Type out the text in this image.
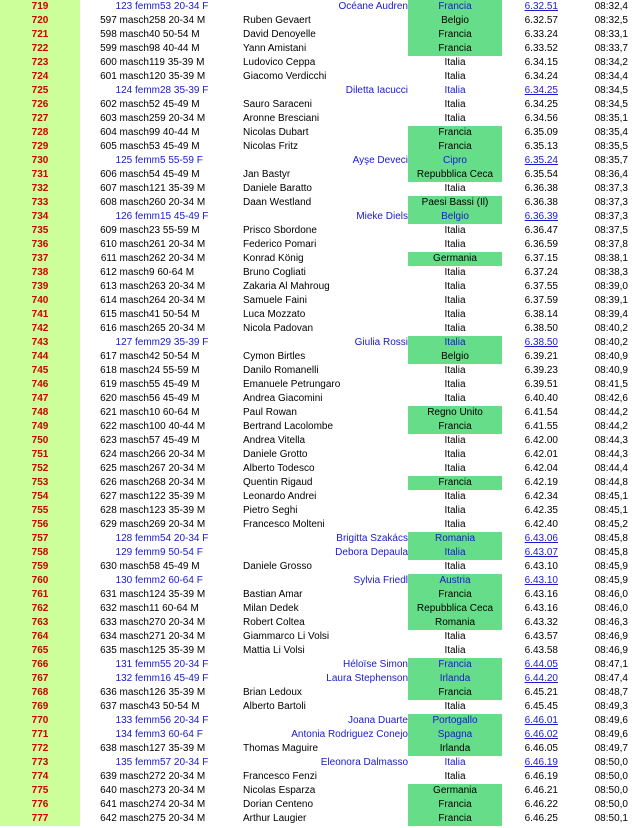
719	123 femm 53 20-34 F	Océane Audren	Francia	6.32.51	08:32,4
720	597 masch 258 20-34 M	Ruben Gevaert	Belgio	6.32.57	08:32,5
721	598 masch 40 50-54 M	David Denoyelle	Francia	6.33.24	08:33,1
722	599 masch 98 40-44 M	Yann Amistani	Francia	6.33.52	08:33,7
723	600 masch 119 35-39 M	Ludovico Ceppa	Italia	6.34.15	08:34,2
724	601 masch 120 35-39 M	Giacomo Verdicchi	Italia	6.34.24	08:34,4
725	124 femm 28 35-39 F	Diletta Iacucci	Italia	6.34.25	08:34,5
726	602 masch 52 45-49 M	Sauro Saraceni	Italia	6.34.25	08:34,5
727	603 masch 259 20-34 M	Aronne Bresciani	Italia	6.34.56	08:35,1
728	604 masch 99 40-44 M	Nicolas Dubart	Francia	6.35.09	08:35,4
729	605 masch 53 45-49 M	Nicolas Fritz	Francia	6.35.13	08:35,5
730	125 femm 5 55-59 F	Ayşe Deveci	Cipro	6.35.24	08:35,7
731	606 masch 54 45-49 M	Jan Bastyr	Repubblica Ceca	6.35.54	08:36,4
732	607 masch 121 35-39 M	Daniele Baratto	Italia	6.36.38	08:37,3
733	608 masch 260 20-34 M	Daan Westland	Paesi Bassi (Il)	6.36.38	08:37,3
734	126 femm 15 45-49 F	Mieke Diels	Belgio	6.36.39	08:37,3
735	609 masch 23 55-59 M	Prisco Sbordone	Italia	6.36.47	08:37,5
736	610 masch 261 20-34 M	Federico Pomari	Italia	6.36.59	08:37,8
737	611 masch 262 20-34 M	Konrad König	Germania	6.37.15	08:38,1
738	612 masch 9 60-64 M	Bruno Cogliati	Italia	6.37.24	08:38,3
739	613 masch 263 20-34 M	Zakaria Al Mahroug	Italia	6.37.55	08:39,0
740	614 masch 264 20-34 M	Samuele Faini	Italia	6.37.59	08:39,1
741	615 masch 41 50-54 M	Luca Mozzato	Italia	6.38.14	08:39,4
742	616 masch 265 20-34 M	Nicola Padovan	Italia	6.38.50	08:40,2
743	127 femm 29 35-39 F	Giulia Rossi	Italia	6.38.50	08:40,2
744	617 masch 42 50-54 M	Cymon Birtles	Belgio	6.39.21	08:40,9
745	618 masch 24 55-59 M	Danilo Romanelli	Italia	6.39.23	08:40,9
746	619 masch 55 45-49 M	Emanuele Petrungaro	Italia	6.39.51	08:41,5
747	620 masch 56 45-49 M	Andrea Giacomini	Italia	6.40.40	08:42,6
748	621 masch 10 60-64 M	Paul Rowan	Regno Unito	6.41.54	08:44,2
749	622 masch 100 40-44 M	Bertrand Lacolombe	Francia	6.41.55	08:44,2
750	623 masch 57 45-49 M	Andrea Vitella	Italia	6.42.00	08:44,3
751	624 masch 266 20-34 M	Daniele Grotto	Italia	6.42.01	08:44,3
752	625 masch 267 20-34 M	Alberto Todesco	Italia	6.42.04	08:44,4
753	626 masch 268 20-34 M	Quentin Rigaud	Francia	6.42.19	08:44,8
754	627 masch 122 35-39 M	Leonardo Andrei	Italia	6.42.34	08:45,1
755	628 masch 123 35-39 M	Pietro Seghi	Italia	6.42.35	08:45,1
756	629 masch 269 20-34 M	Francesco Molteni	Italia	6.42.40	08:45,2
757	128 femm 54 20-34 F	Brigitta Szakács	Romania	6.43.06	08:45,8
758	129 femm 9 50-54 F	Debora Depaula	Italia	6.43.07	08:45,8
759	630 masch 58 45-49 M	Daniele Grosso	Italia	6.43.10	08:45,9
760	130 femm 2 60-64 F	Sylvia Friedl	Austria	6.43.10	08:45,9
761	631 masch 124 35-39 M	Bastian Amar	Francia	6.43.16	08:46,0
762	632 masch 11 60-64 M	Milan Dedek	Repubblica Ceca	6.43.16	08:46,0
763	633 masch 270 20-34 M	Robert Coltea	Romania	6.43.32	08:46,3
764	634 masch 271 20-34 M	Giammarco Li Volsi	Italia	6.43.57	08:46,9
765	635 masch 125 35-39 M	Mattia Li Volsi	Italia	6.43.58	08:46,9
766	131 femm 55 20-34 F	Héloïse Simon	Francia	6.44.05	08:47,1
767	132 femm 16 45-49 F	Laura Stephenson	Irlanda	6.44.20	08:47,4
768	636 masch 126 35-39 M	Brian Ledoux	Francia	6.45.21	08:48,7
769	637 masch 43 50-54 M	Alberto Bartoli	Italia	6.45.45	08:49,3
770	133 femm 56 20-34 F	Joana Duarte	Portogallo	6.46.01	08:49,6
771	134 femm 3 60-64 F	Antonia Rodriguez Conejo	Spagna	6.46.02	08:49,6
772	638 masch 127 35-39 M	Thomas Maguire	Irlanda	6.46.05	08:49,7
773	135 femm 57 20-34 F	Eleonora Dalmasso	Italia	6.46.19	08:50,0
774	639 masch 272 20-34 M	Francesco Fenzi	Italia	6.46.19	08:50,0
775	640 masch 273 20-34 M	Nicolas Esparza	Germania	6.46.21	08:50,0
776	641 masch 274 20-34 M	Dorian Centeno	Francia	6.46.22	08:50,0
777	642 masch 275 20-34 M	Arthur Laugier	Francia	6.46.25	08:50,1
